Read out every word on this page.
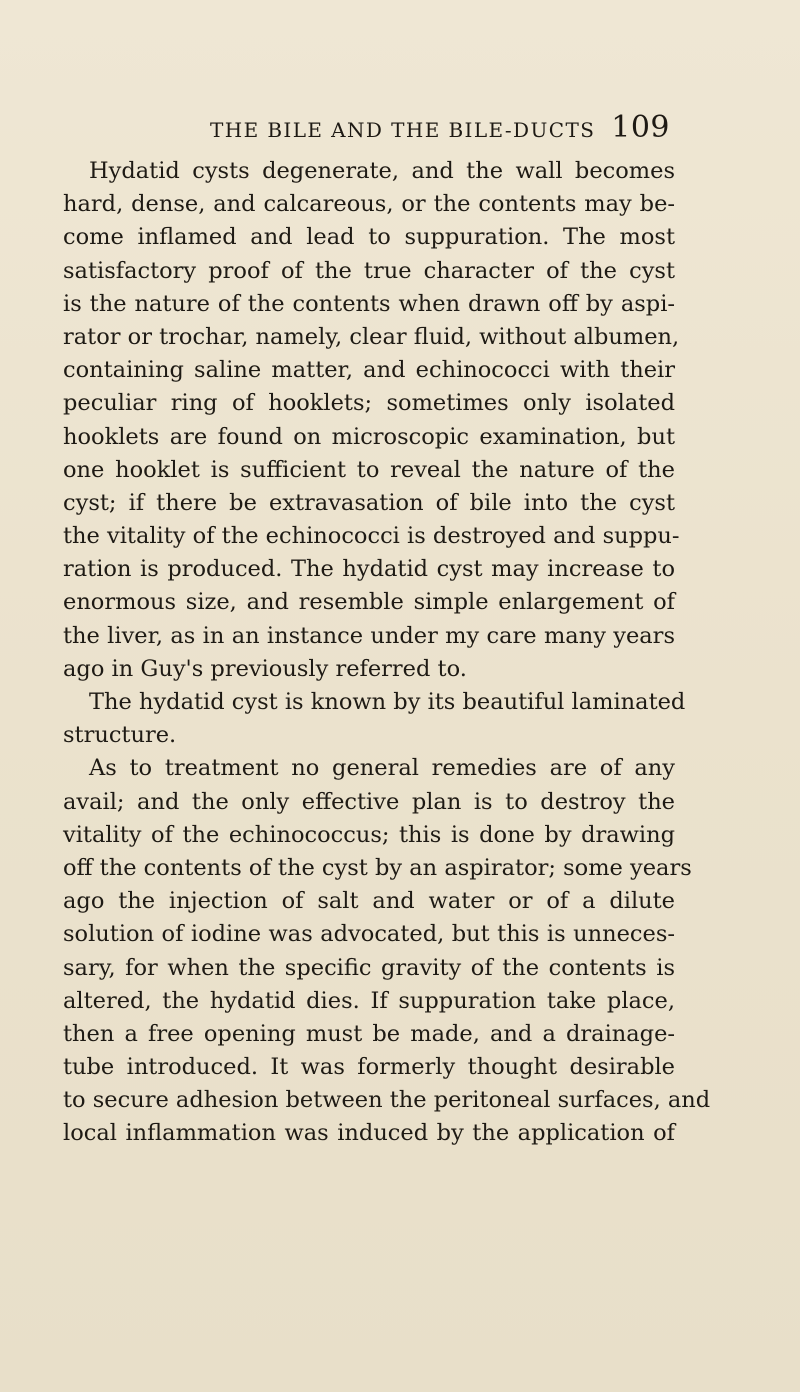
THE BILE AND THE BILE-DUCTS 109
Hydatid cysts degenerate, and the wall becomes
hard, dense, and calcareous, or the contents may be-
come inflamed and lead to suppuration. The most
satisfactory proof of the true character of the cyst
is the nature of the contents when drawn off by aspi-
rator or trochar, namely, clear fluid, without albumen,
containing saline matter, and echinococci with their
peculiar ring of hooklets; sometimes only isolated
hooklets are found on microscopic examination, but
one hooklet is sufficient to reveal the nature of the
cyst; if there be extravasation of bile into the cyst
the vitality of the echinococci is destroyed and suppu-
ration is produced. The hydatid cyst may increase to
enormous size, and resemble simple enlargement of
the liver, as in an instance under my care many years
ago in Guy's previously referred to.
The hydatid cyst is known by its beautiful laminated
structure.
As to treatment no general remedies are of any
avail; and the only effective plan is to destroy the
vitality of the echinococcus; this is done by drawing
off the contents of the cyst by an aspirator; some years
ago the injection of salt and water or of a dilute
solution of iodine was advocated, but this is unneces-
sary, for when the specific gravity of the contents is
altered, the hydatid dies. If suppuration take place,
then a free opening must be made, and a drainage-
tube introduced. It was formerly thought desirable
to secure adhesion between the peritoneal surfaces, and
local inflammation was induced by the application of
